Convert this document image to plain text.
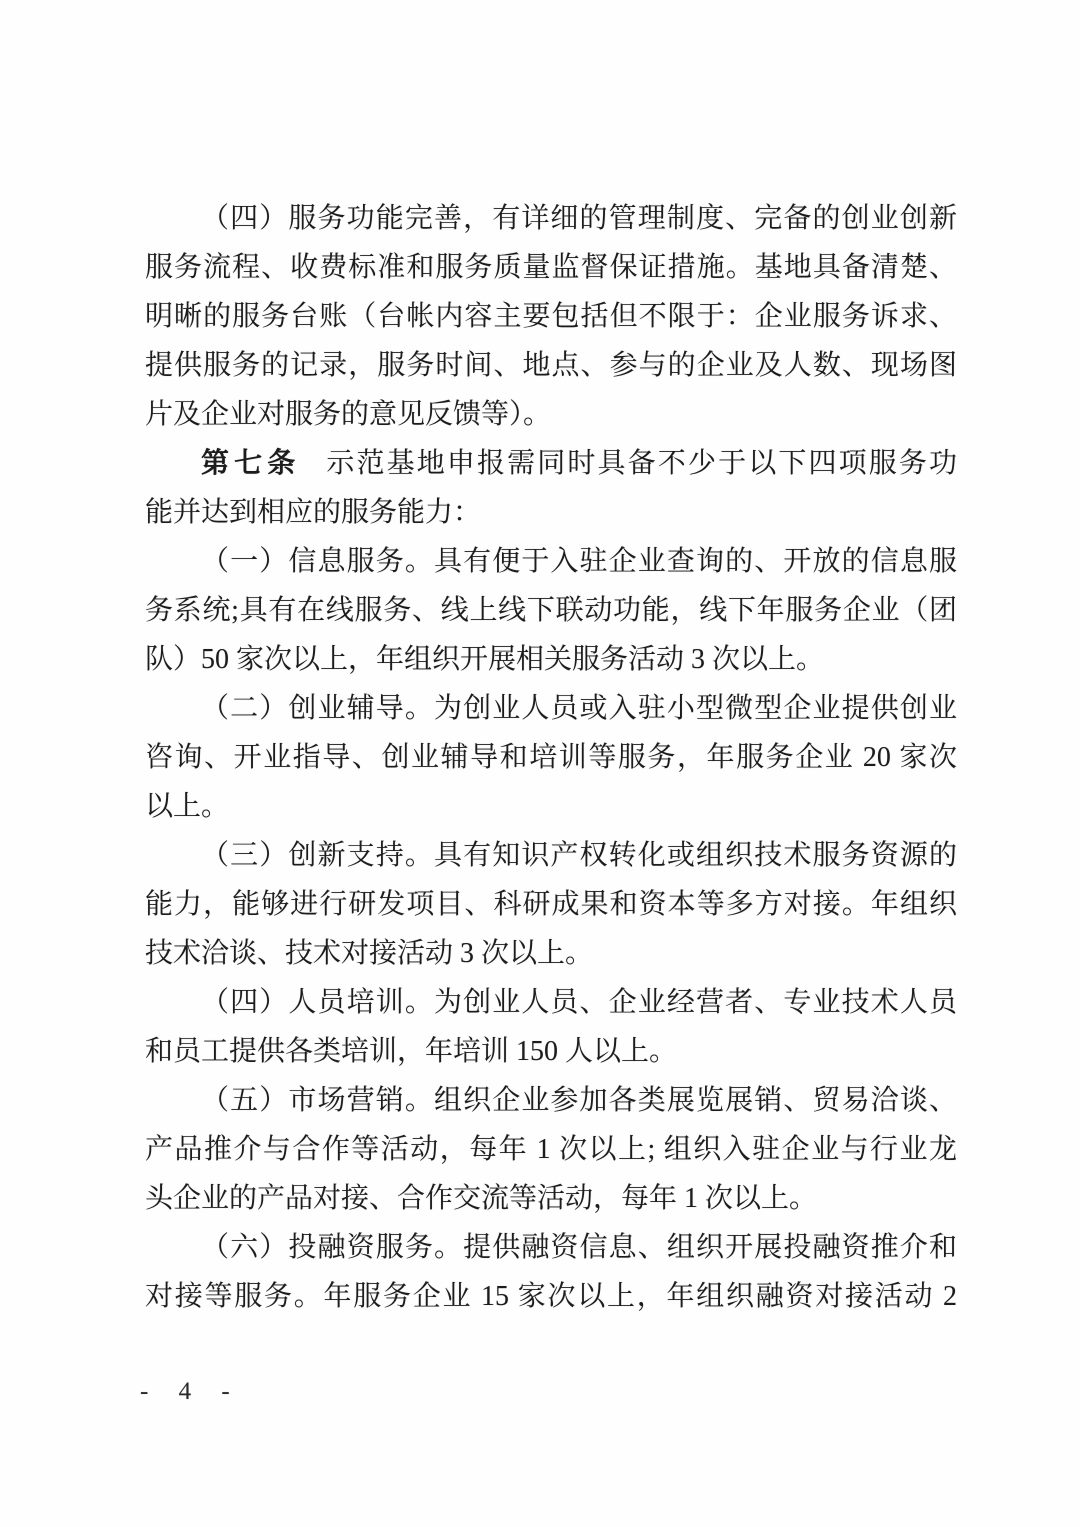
（四）服务功能完善，有详细的管理制度、完备的创业创新
服务流程、收费标准和服务质量监督保证措施。基地具备清楚、
明晰的服务台账（台帐内容主要包括但不限于：企业服务诉求、
提供服务的记录，服务时间、地点、参与的企业及人数、现场图
片及企业对服务的意见反馈等）。

第七条 示范基地申报需同时具备不少于以下四项服务功
能并达到相应的服务能力：

（一）信息服务。具有便于入驻企业查询的、开放的信息服
务系统;具有在线服务、线上线下联动功能，线下年服务企业（团
队）50 家次以上，年组织开展相关服务活动 3 次以上。

（二）创业辅导。为创业人员或入驻小型微型企业提供创业
咨询、开业指导、创业辅导和培训等服务，年服务企业 20 家次
以上。

（三）创新支持。具有知识产权转化或组织技术服务资源的
能力，能够进行研发项目、科研成果和资本等多方对接。年组织
技术洽谈、技术对接活动 3 次以上。

（四）人员培训。为创业人员、企业经营者、专业技术人员
和员工提供各类培训，年培训 150 人以上。

（五）市场营销。组织企业参加各类展览展销、贸易洽谈、
产品推介与合作等活动，每年 1 次以上; 组织入驻企业与行业龙
头企业的产品对接、合作交流等活动，每年 1 次以上。

（六）投融资服务。提供融资信息、组织开展投融资推介和
对接等服务。年服务企业 15 家次以上，年组织融资对接活动 2

- 4 -
